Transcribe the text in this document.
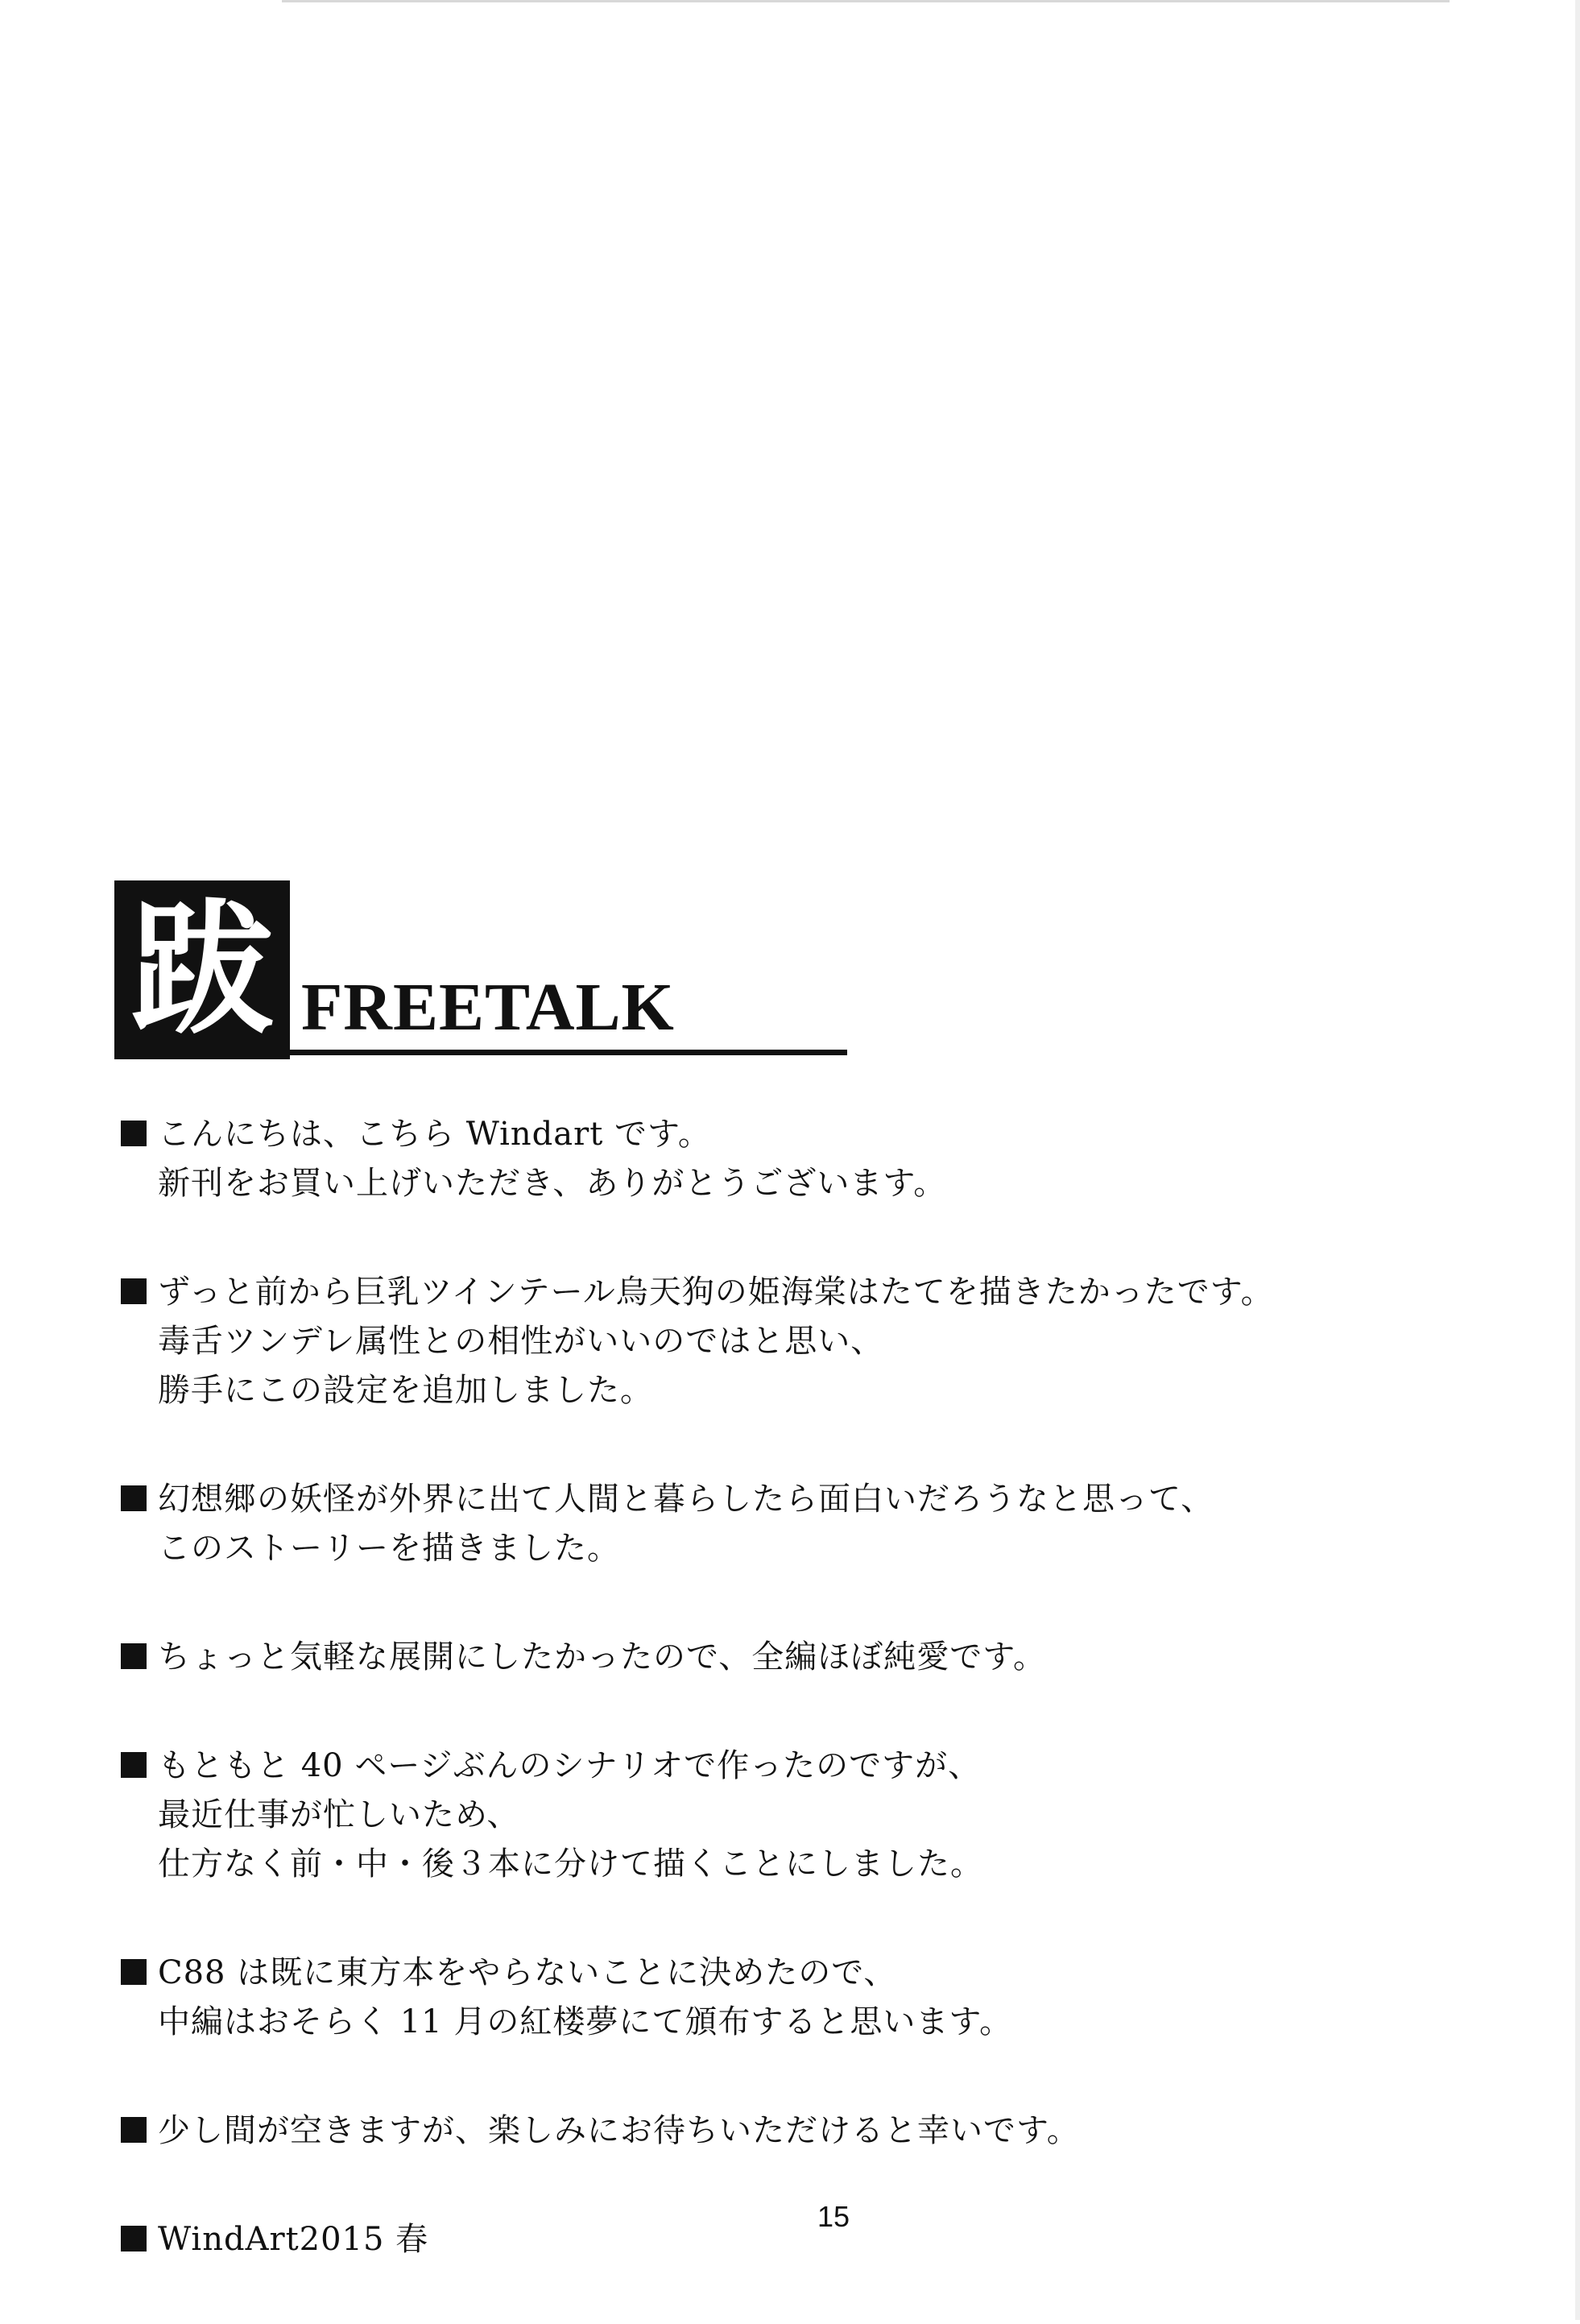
跋 FREETALK
こんにちは、こちら Windart です。
新刊をお買い上げいただき、ありがとうございます。
ずっと前から巨乳ツインテール烏天狗の姫海棠はたてを描きたかったです。
毒舌ツンデレ属性との相性がいいのではと思い、
勝手にこの設定を追加しました。
幻想郷の妖怪が外界に出て人間と暮らしたら面白いだろうなと思って、
このストーリーを描きました。
ちょっと気軽な展開にしたかったので、全編ほぼ純愛です。
もともと 40 ページぶんのシナリオで作ったのですが、
最近仕事が忙しいため、
仕方なく前・中・後３本に分けて描くことにしました。
C88 は既に東方本をやらないことに決めたので、
中編はおそらく 11 月の紅楼夢にて頒布すると思います。
少し間が空きますが、楽しみにお待ちいただけると幸いです。
WindArt2015 春
15
